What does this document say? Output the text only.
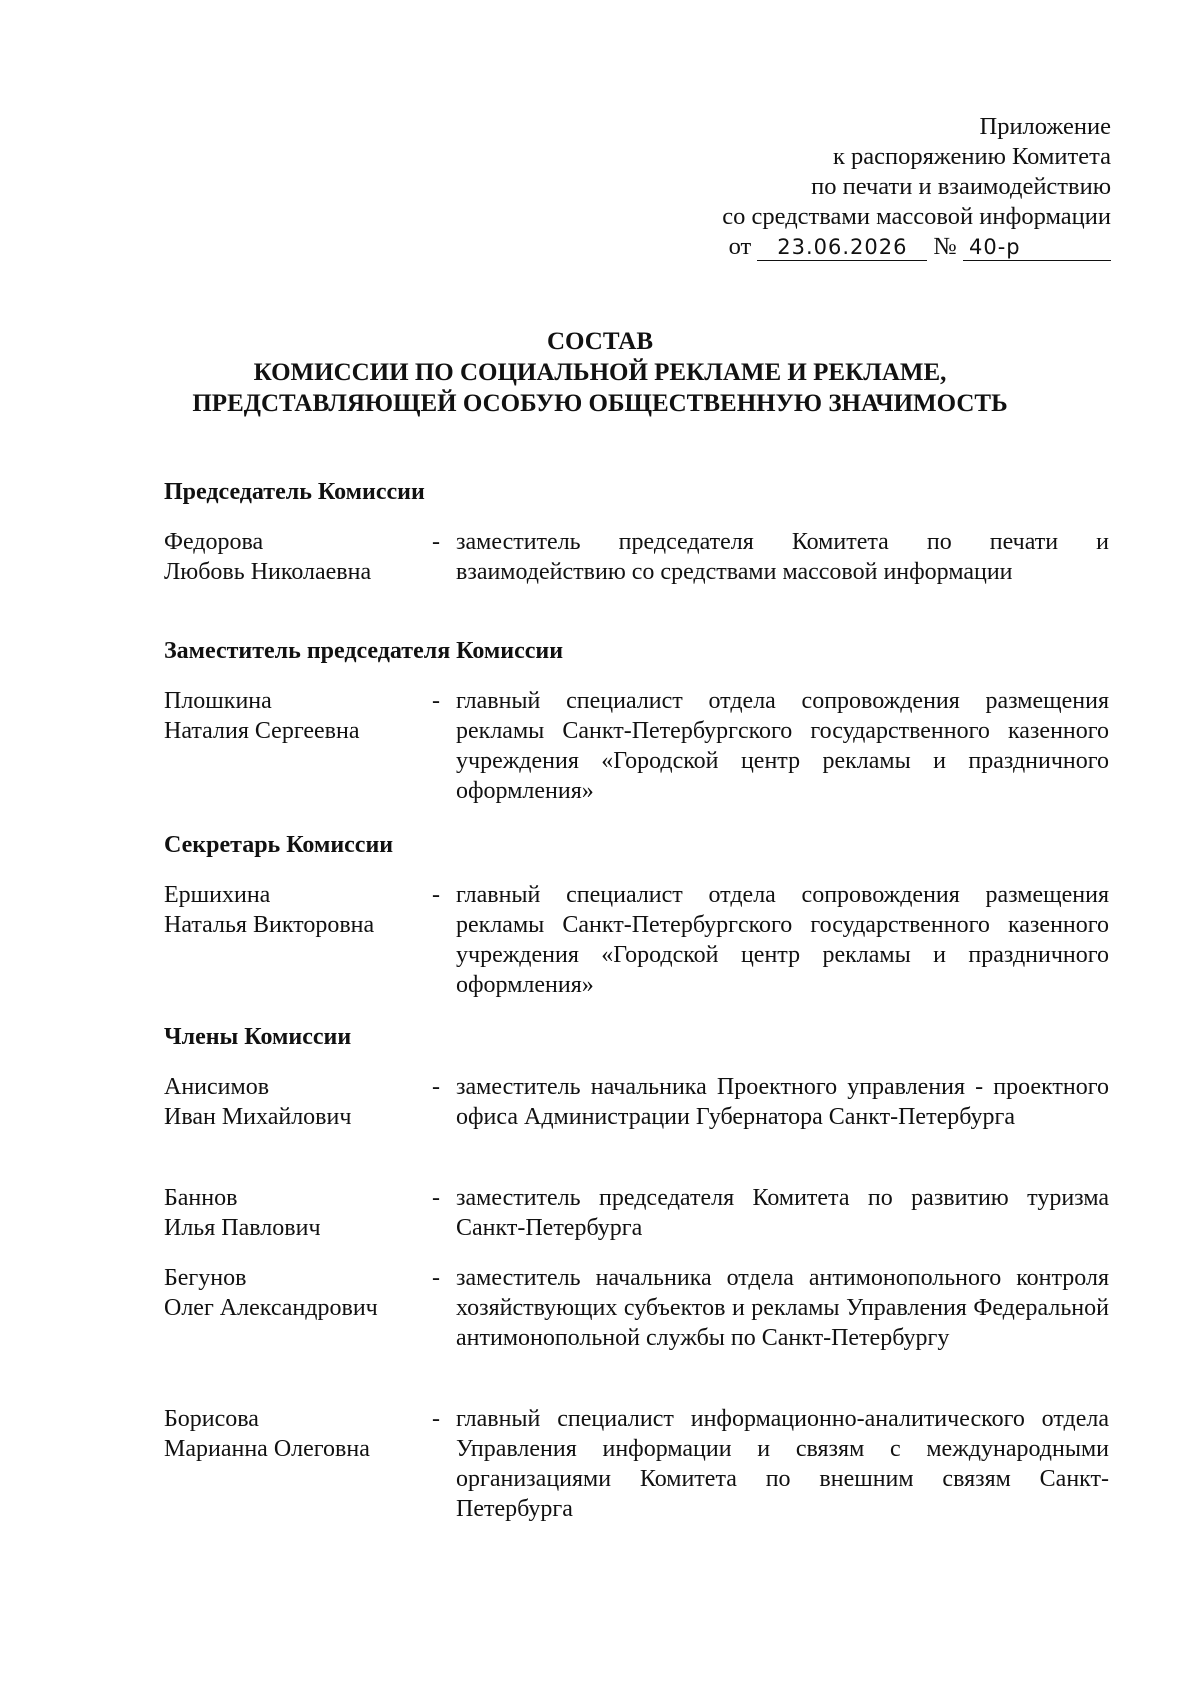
Приложение
к распоряжению Комитета
по печати и взаимодействию
со средствами массовой информации
от 23.06.2026 № 40-р
СОСТАВ
КОМИССИИ ПО СОЦИАЛЬНОЙ РЕКЛАМЕ И РЕКЛАМЕ,
ПРЕДСТАВЛЯЮЩЕЙ ОСОБУЮ ОБЩЕСТВЕННУЮ ЗНАЧИМОСТЬ
Председатель Комиссии
Федорова
Любовь Николаевна
- заместитель председателя Комитета по печати и взаимодействию со средствами массовой информации
Заместитель председателя Комиссии
Плошкина
Наталия Сергеевна
- главный специалист отдела сопровождения размещения рекламы Санкт-Петербургского государственного казенного учреждения «Городской центр рекламы и праздничного оформления»
Секретарь Комиссии
Ершихина
Наталья Викторовна
- главный специалист отдела сопровождения размещения рекламы Санкт-Петербургского государственного казенного учреждения «Городской центр рекламы и праздничного оформления»
Члены Комиссии
Анисимов
Иван Михайлович
- заместитель начальника Проектного управления - проектного офиса Администрации Губернатора Санкт-Петербурга
Баннов
Илья Павлович
- заместитель председателя Комитета по развитию туризма Санкт-Петербурга
Бегунов
Олег Александрович
- заместитель начальника отдела антимонопольного контроля хозяйствующих субъектов и рекламы Управления Федеральной антимонопольной службы по Санкт-Петербургу
Борисова
Марианна Олеговна
- главный специалист информационно-аналитического отдела Управления информации и связям с международными организациями Комитета по внешним связям Санкт-Петербурга
